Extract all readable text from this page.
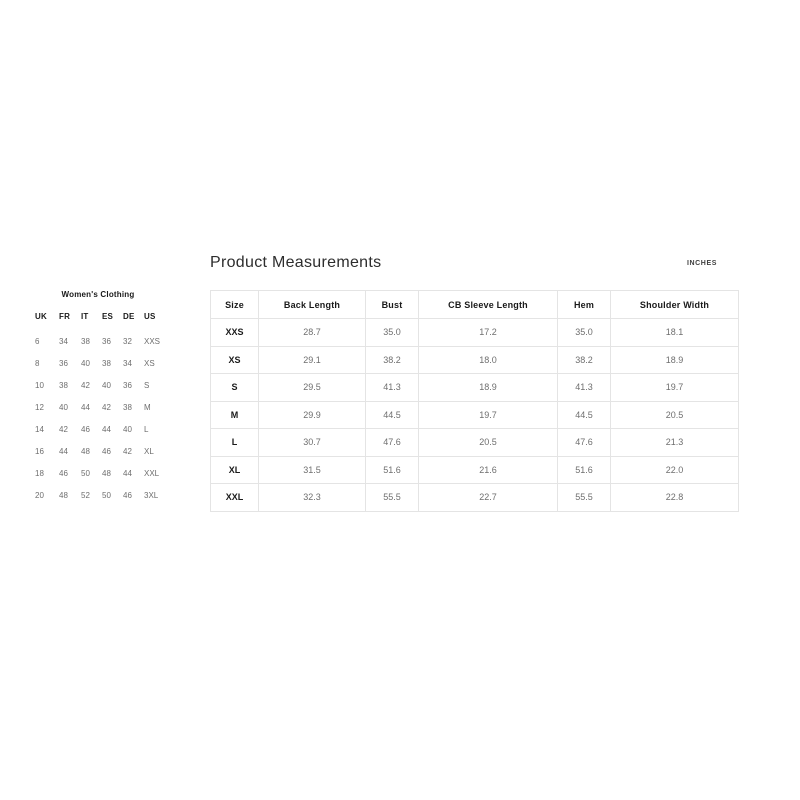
Women's Clothing
UK	FR	IT	ES	DE	US
6	34	38	36	32	XXS
8	36	40	38	34	XS
10	38	42	40	36	S
12	40	44	42	38	M
14	42	46	44	40	L
16	44	48	46	42	XL
18	46	50	48	44	XXL
20	48	52	50	46	3XL
Product Measurements	INCHES
Size	Back Length	Bust	CB Sleeve Length	Hem	Shoulder Width
XXS	28.7	35.0	17.2	35.0	18.1
XS	29.1	38.2	18.0	38.2	18.9
S	29.5	41.3	18.9	41.3	19.7
M	29.9	44.5	19.7	44.5	20.5
L	30.7	47.6	20.5	47.6	21.3
XL	31.5	51.6	21.6	51.6	22.0
XXL	32.3	55.5	22.7	55.5	22.8
